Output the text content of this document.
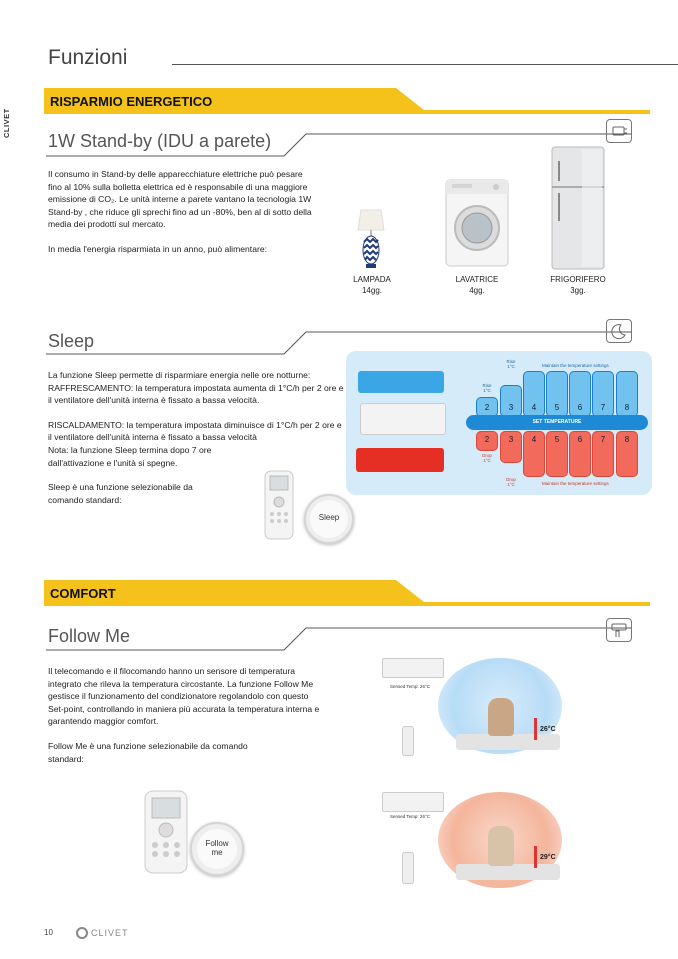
CLIVET
Funzioni
RISPARMIO ENERGETICO
1W Stand-by (IDU a parete)

Il consumo in Stand-by delle apparecchiature elettriche può pesare fino al 10% sulla bolletta elettrica ed è responsabile di una maggiore emissione di CO₂. Le unità interne a parete vantano la tecnologia 1W Stand-by , che riduce gli sprechi fino ad un -80%, ben al di sotto della media dei prodotti sul mercato.

In media l'energia risparmiata in un anno, può alimentare:

LAMPADA
14gg.
LAVATRICE
4gg.
FRIGORIFERO
3gg.
Sleep

La funzione Sleep permette di risparmiare energia nelle ore notturne:

RAFFRESCAMENTO: la temperatura impostata aumenta di 1°C/h per 2 ore e il ventilatore dell'unità interna è fissato a bassa velocità.

RISCALDAMENTO: la temperatura impostata diminuisce di 1°C/h per 2 ore e il ventilatore dell'unità interna è fissato a bassa velocità

Nota: la funzione Sleep termina dopo 7 ore dall'attivazione e l'unità si spegne.

Sleep è una funzione selezionabile da comando standard:

Sleep
Rise
1°C	Maintain the temperature settings
Rise
1°C
2	3	4	5	6	7	8
SET TEMPERATURE
2	3	4	5	6	7	8
Drop
1°C
Drop
1°C	Maintain the temperature settings
COMFORT
Follow Me

Il telecomando e il filocomando hanno un sensore di temperatura integrato che rileva la temperatura circostante. La funzione Follow Me gestisce il funzionamento del condizionatore regolandolo con questo Set-point, controllando in maniera più accurata la temperatura interna e garantendo maggior comfort.

Follow Me è una funzione selezionabile da comando standard:

Follow
me
Sensed Temp: 26°C
26°C
Sensed Temp: 26°C
29°C
10	CLIVET
